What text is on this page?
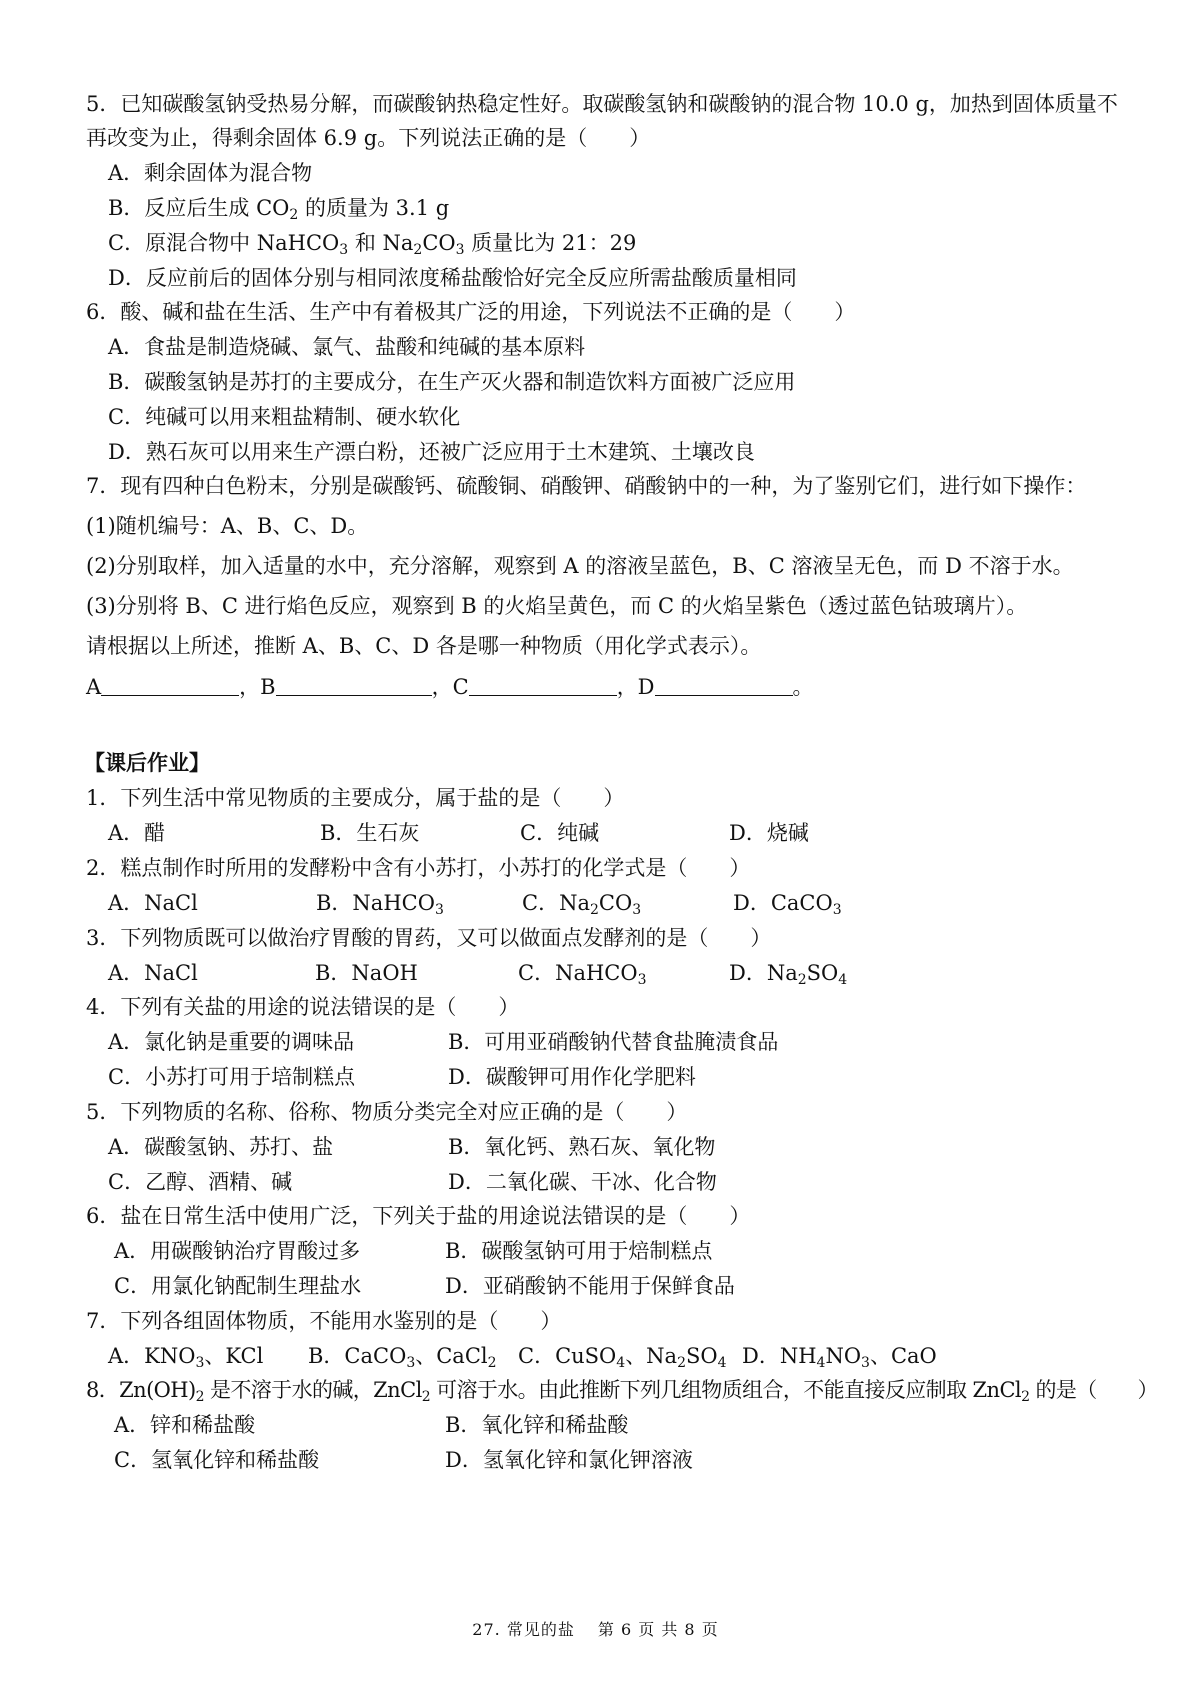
5．已知碳酸氢钠受热易分解，而碳酸钠热稳定性好。取碳酸氢钠和碳酸钠的混合物 10.0 g，加热到固体质量不
再改变为止，得剩余固体 6.9 g。下列说法正确的是（　　）
A．剩余固体为混合物
B．反应后生成 $CO_2$ 的质量为 3.1 g
C．原混合物中 NaHCO$_3$ 和 $Na_2CO_3$ 质量比为 21：29
D．反应前后的固体分别与相同浓度稀盐酸恰好完全反应所需盐酸质量相同
6．酸、碱和盐在生活、生产中有着极其广泛的用途，下列说法不正确的是（　　）
A．食盐是制造烧碱、氯气、盐酸和纯碱的基本原料
B．碳酸氢钠是苏打的主要成分，在生产灭火器和制造饮料方面被广泛应用
C．纯碱可以用来粗盐精制、硬水软化
D．熟石灰可以用来生产漂白粉，还被广泛应用于土木建筑、土壤改良
7．现有四种白色粉末，分别是碳酸钙、硫酸铜、硝酸钾、硝酸钠中的一种，为了鉴别它们，进行如下操作：
(1)随机编号：A、B、C、D。
(2)分别取样，加入适量的水中，充分溶解，观察到 A 的溶液呈蓝色，B、C 溶液呈无色，而 D 不溶于水。
(3)分别将 B、C 进行焰色反应，观察到 B 的火焰呈黄色，而 C 的火焰呈紫色（透过蓝色钴玻璃片）。
请根据以上所述，推断 A、B、C、D 各是哪一种物质（用化学式表示）。
A	，B	，C	，D	。
【课后作业】
1．下列生活中常见物质的主要成分，属于盐的是（　　）
A．醋	B．生石灰	C．纯碱	D．烧碱
2．糕点制作时所用的发酵粉中含有小苏打，小苏打的化学式是（　　）
A．NaCl	B．NaHCO$_3$	C．$Na_2CO_3$	D．CaCO$_3$
3．下列物质既可以做治疗胃酸的胃药，又可以做面点发酵剂的是（　　）
A．NaCl	B．NaOH	C．NaHCO$_3$	D．$Na_2SO_4$
4．下列有关盐的用途的说法错误的是（　　）
A．氯化钠是重要的调味品	B．可用亚硝酸钠代替食盐腌渍食品
C．小苏打可用于培制糕点	D．碳酸钾可用作化学肥料
5．下列物质的名称、俗称、物质分类完全对应正确的是（　　）
A．碳酸氢钠、苏打、盐	B．氧化钙、熟石灰、氧化物
C．乙醇、酒精、碱	D．二氧化碳、干冰、化合物
6．盐在日常生活中使用广泛，下列关于盐的用途说法错误的是（　　）
A．用碳酸钠治疗胃酸过多	B．碳酸氢钠可用于焙制糕点
C．用氯化钠配制生理盐水	D．亚硝酸钠不能用于保鲜食品
7．下列各组固体物质，不能用水鉴别的是（　　）
A．$KNO_3$、KCl B．CaCO$_3$、CaCl$_2$ C．CuSO$_4$、$Na_2SO_4$ D．$NH_4NO_3$、CaO
8．$Zn(OH)_2$ 是不溶于水的碱，ZnCl$_2$ 可溶于水。由此推断下列几组物质组合，不能直接反应制取 ZnCl$_2$ 的是（　　）
A．锌和稀盐酸	B．氧化锌和稀盐酸
C．氢氧化锌和稀盐酸	D．氢氧化锌和氯化钾溶液
27. 常见的盐　 第 6 页 共 8 页
